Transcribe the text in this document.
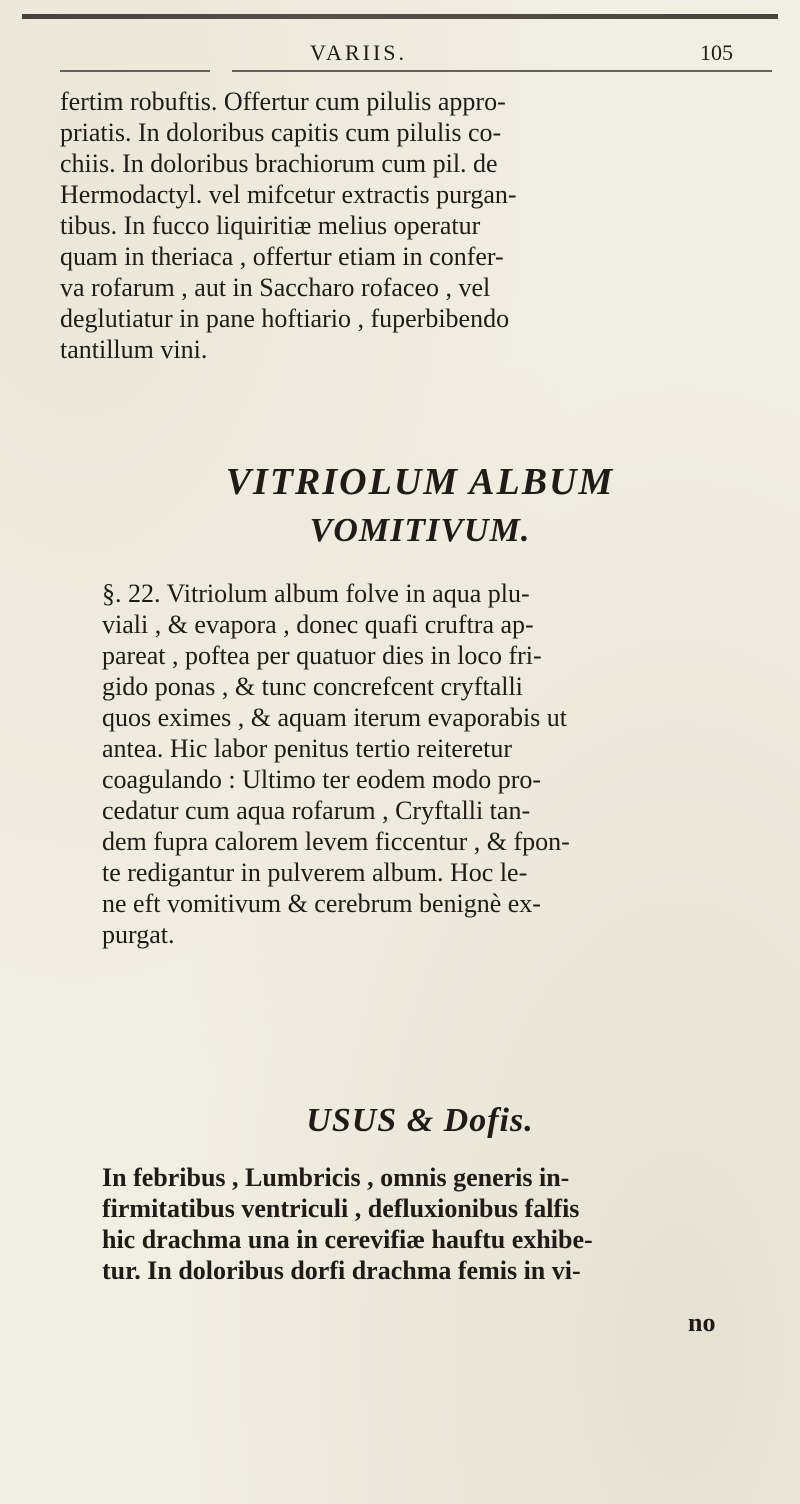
VARIIS.	105
fertim robuftis. Offertur cum pilulis appro-
priatis. In doloribus capitis cum pilulis co-
chiis. In doloribus brachiorum cum pil. de
Hermodactyl. vel mifcetur extractis purgan-
tibus. In fucco liquiritiæ melius operatur
quam in theriaca , offertur etiam in confer-
va rofarum , aut in Saccharo rofaceo , vel
deglutiatur in pane hoftiario , fuperbibendo
tantillum vini.
VITRIOLUM ALBUM
VOMITIVUM.
§. 22. Vitriolum album folve in aqua plu-
viali , & evapora , donec quafi cruftra ap-
pareat , poftea per quatuor dies in loco fri-
gido ponas , & tunc concrefcent cryftalli
quos eximes , & aquam iterum evaporabis ut
antea. Hic labor penitus tertio reiteretur
coagulando : Ultimo ter eodem modo pro-
cedatur cum aqua rofarum , Cryftalli tan-
dem fupra calorem levem ficcentur , & fpon-
te redigantur in pulverem album. Hoc le-
ne eft vomitivum & cerebrum benignè ex-
purgat.
USUS & Dofis.
In febribus , Lumbricis , omnis generis in-
firmitatibus ventriculi , defluxionibus falfis
hic drachma una in cerevifiæ hauftu exhibe-
tur. In doloribus dorfi drachma femis in vi-
no
